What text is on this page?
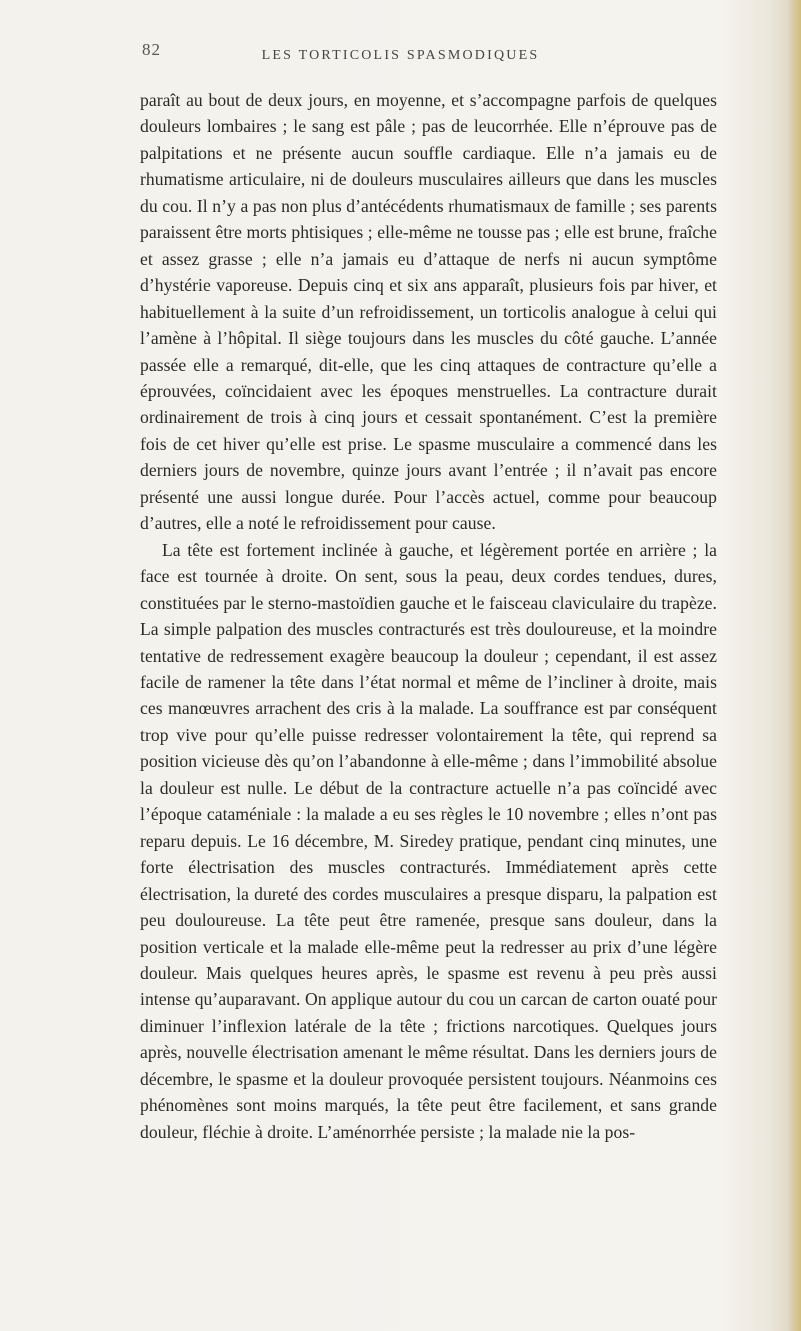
82	LES TORTICOLIS SPASMODIQUES

paraît au bout de deux jours, en moyenne, et s’accompagne parfois de quelques douleurs lombaires ; le sang est pâle ; pas de leucorrhée. Elle n’éprouve pas de palpitations et ne présente aucun souffle cardiaque. Elle n’a jamais eu de rhumatisme articulaire, ni de douleurs musculaires ailleurs que dans les muscles du cou. Il n’y a pas non plus d’antécédents rhumatismaux de famille ; ses parents paraissent être morts phtisiques ; elle-même ne tousse pas ; elle est brune, fraîche et assez grasse ; elle n’a jamais eu d’attaque de nerfs ni aucun symptôme d’hystérie vaporeuse. Depuis cinq et six ans apparaît, plusieurs fois par hiver, et habituellement à la suite d’un refroidissement, un torticolis analogue à celui qui l’amène à l’hôpital. Il siège toujours dans les muscles du côté gauche. L’année passée elle a remarqué, dit-elle, que les cinq attaques de contracture qu’elle a éprouvées, coïncidaient avec les époques menstruelles. La contracture durait ordinairement de trois à cinq jours et cessait spontanément. C’est la première fois de cet hiver qu’elle est prise. Le spasme musculaire a commencé dans les derniers jours de novembre, quinze jours avant l’entrée ; il n’avait pas encore présenté une aussi longue durée. Pour l’accès actuel, comme pour beaucoup d’autres, elle a noté le refroidissement pour cause.

La tête est fortement inclinée à gauche, et légèrement portée en arrière ; la face est tournée à droite. On sent, sous la peau, deux cordes tendues, dures, constituées par le sterno-mastoïdien gauche et le faisceau claviculaire du trapèze. La simple palpation des muscles contracturés est très douloureuse, et la moindre tentative de redressement exagère beaucoup la douleur ; cependant, il est assez facile de ramener la tête dans l’état normal et même de l’incliner à droite, mais ces manœuvres arrachent des cris à la malade. La souffrance est par conséquent trop vive pour qu’elle puisse redresser volontairement la tête, qui reprend sa position vicieuse dès qu’on l’abandonne à elle-même ; dans l’immobilité absolue la douleur est nulle. Le début de la contracture actuelle n’a pas coïncidé avec l’époque cataméniale : la malade a eu ses règles le 10 novembre ; elles n’ont pas reparu depuis. Le 16 décembre, M. Siredey pratique, pendant cinq minutes, une forte électrisation des muscles contracturés. Immédiatement après cette électrisation, la dureté des cordes musculaires a presque disparu, la palpation est peu douloureuse. La tête peut être ramenée, presque sans douleur, dans la position verticale et la malade elle-même peut la redresser au prix d’une légère douleur. Mais quelques heures après, le spasme est revenu à peu près aussi intense qu’auparavant. On applique autour du cou un carcan de carton ouaté pour diminuer l’inflexion latérale de la tête ; frictions narcotiques. Quelques jours après, nouvelle électrisation amenant le même résultat. Dans les derniers jours de décembre, le spasme et la douleur provoquée persistent toujours. Néanmoins ces phénomènes sont moins marqués, la tête peut être facilement, et sans grande douleur, fléchie à droite. L’aménorrhée persiste ; la malade nie la pos-
